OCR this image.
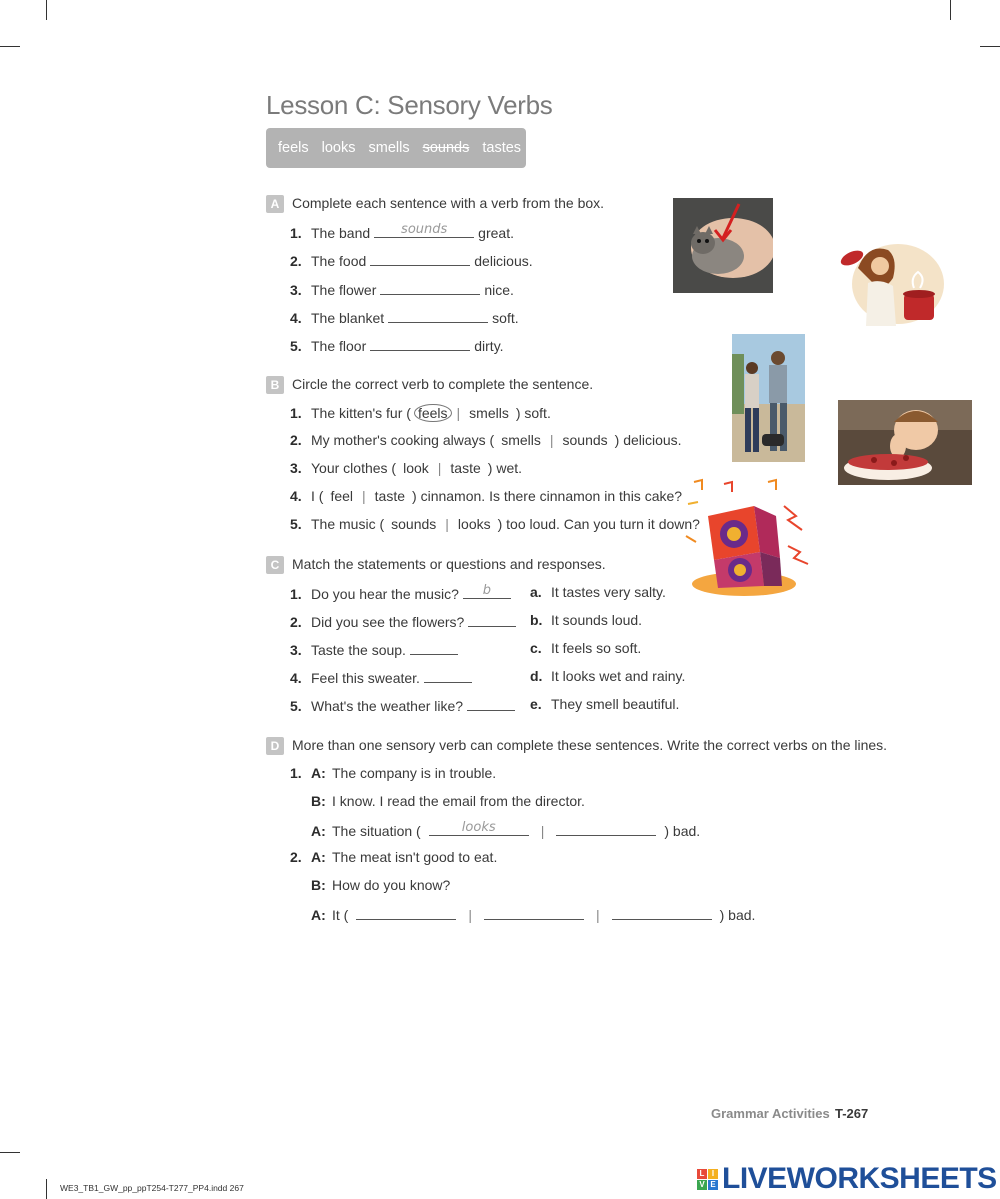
Lesson C: Sensory Verbs
feels looks smells sounds tastes
A Complete each sentence with a verb from the box.
1. The band	sounds	great.
2. The food	delicious.
3. The flower	nice.
4. The blanket	soft.
5. The floor	dirty.
B Circle the correct verb to complete the sentence.
1. The kitten's fur ( feels | smells ) soft.
2. My mother's cooking always ( smells | sounds ) delicious.
3. Your clothes ( look | taste ) wet.
4. I ( feel | taste ) cinnamon. Is there cinnamon in this cake?
5. The music ( sounds | looks ) too loud. Can you turn it down?
C Match the statements or questions and responses.
1. Do you hear the music?	b
2. Did you see the flowers?
3. Taste the soup.
4. Feel this sweater.
5. What's the weather like?
a. It tastes very salty.
b. It sounds loud.
c. It feels so soft.
d. It looks wet and rainy.
e. They smell beautiful.
D More than one sensory verb can complete these sentences. Write the correct verbs on the lines.
1. A: The company is in trouble.
B: I know. I read the email from the director.
A: The situation (	looks	|	) bad.
2. A: The meat isn't good to eat.
B: How do you know?
A: It (	|	|	) bad.
Grammar Activities T-267
WE3_TB1_GW_pp_ppT254-T277_PP4.indd 267
L I
V E LIVEWORKSHEETS
